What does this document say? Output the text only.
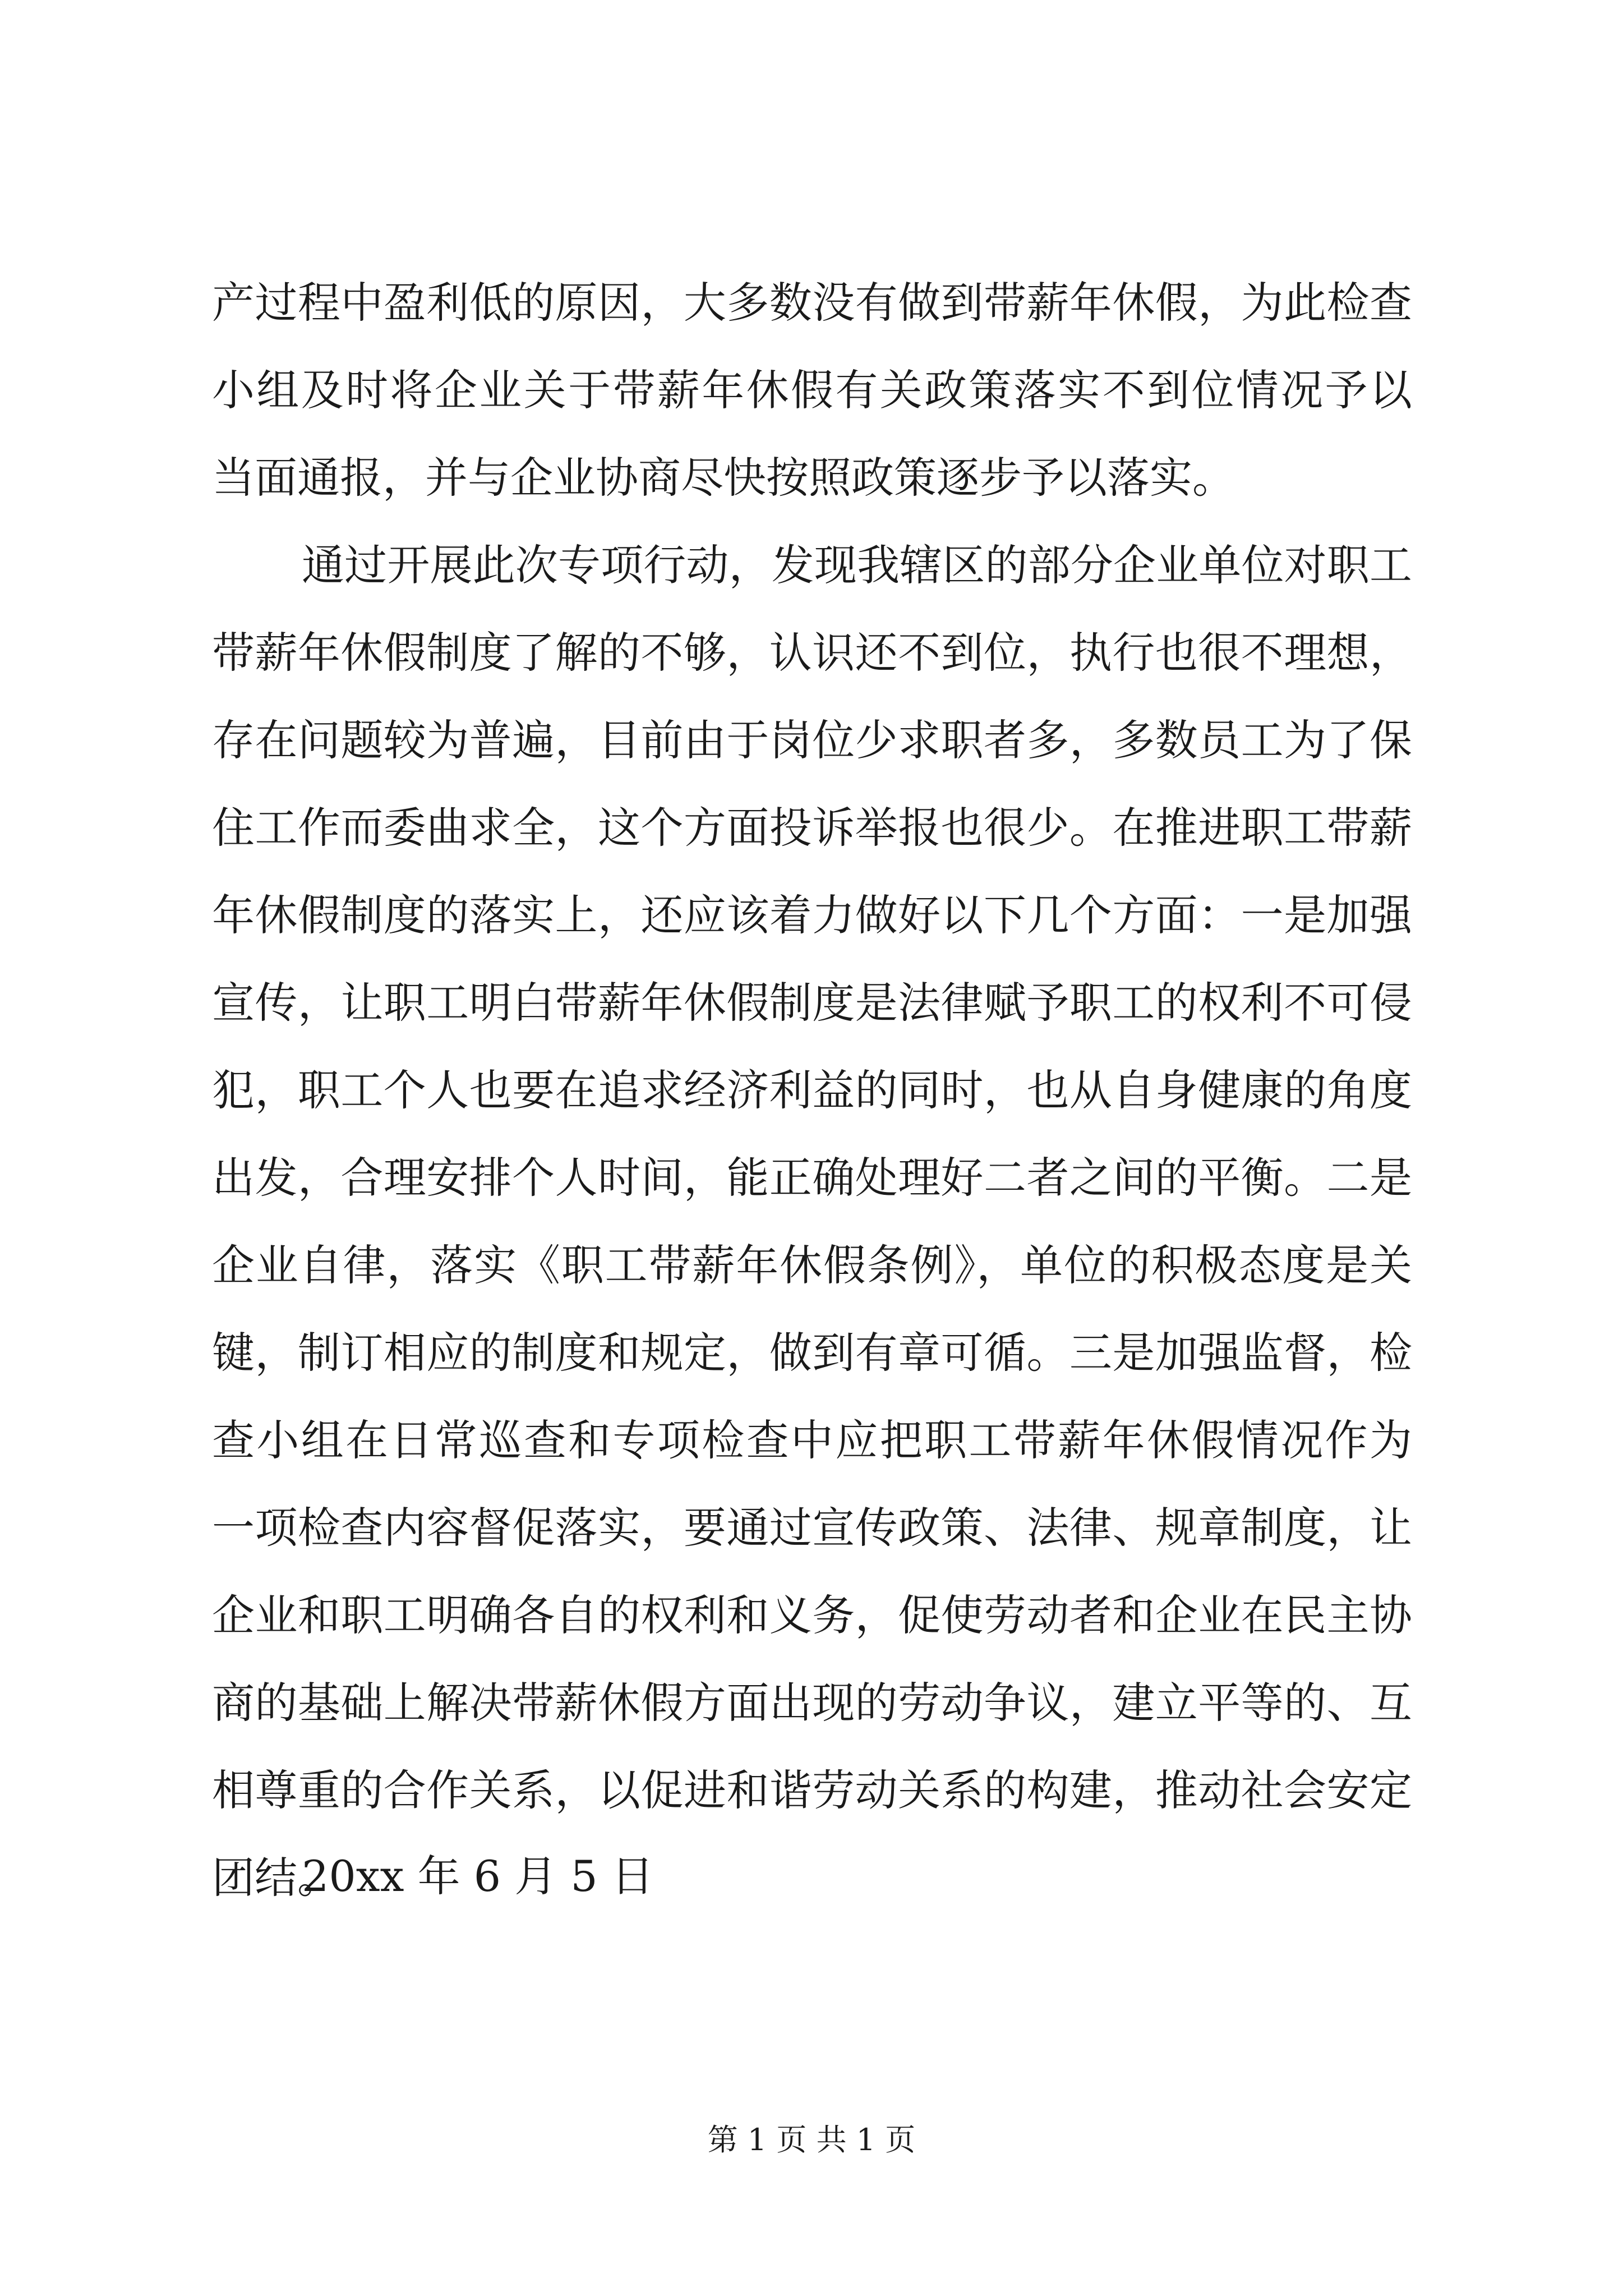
产过程中盈利低的原因，大多数没有做到带薪年休假，为此检查
小组及时将企业关于带薪年休假有关政策落实不到位情况予以
当面通报，并与企业协商尽快按照政策逐步予以落实。
通过开展此次专项行动，发现我辖区的部分企业单位对职工
带薪年休假制度了解的不够，认识还不到位，执行也很不理想，
存在问题较为普遍，目前由于岗位少求职者多，多数员工为了保
住工作而委曲求全，这个方面投诉举报也很少。在推进职工带薪
年休假制度的落实上，还应该着力做好以下几个方面：一是加强
宣传，让职工明白带薪年休假制度是法律赋予职工的权利不可侵
犯，职工个人也要在追求经济利益的同时，也从自身健康的角度
出发，合理安排个人时间，能正确处理好二者之间的平衡。二是
企业自律，落实《职工带薪年休假条例》，单位的积极态度是关
键，制订相应的制度和规定，做到有章可循。三是加强监督，检
查小组在日常巡查和专项检查中应把职工带薪年休假情况作为
一项检查内容督促落实，要通过宣传政策、法律、规章制度，让
企业和职工明确各自的权利和义务，促使劳动者和企业在民主协
商的基础上解决带薪休假方面出现的劳动争议，建立平等的、互
相尊重的合作关系，以促进和谐劳动关系的构建，推动社会安定
团结。
20xx 年 6 月 5 日
第 1 页 共 1 页
